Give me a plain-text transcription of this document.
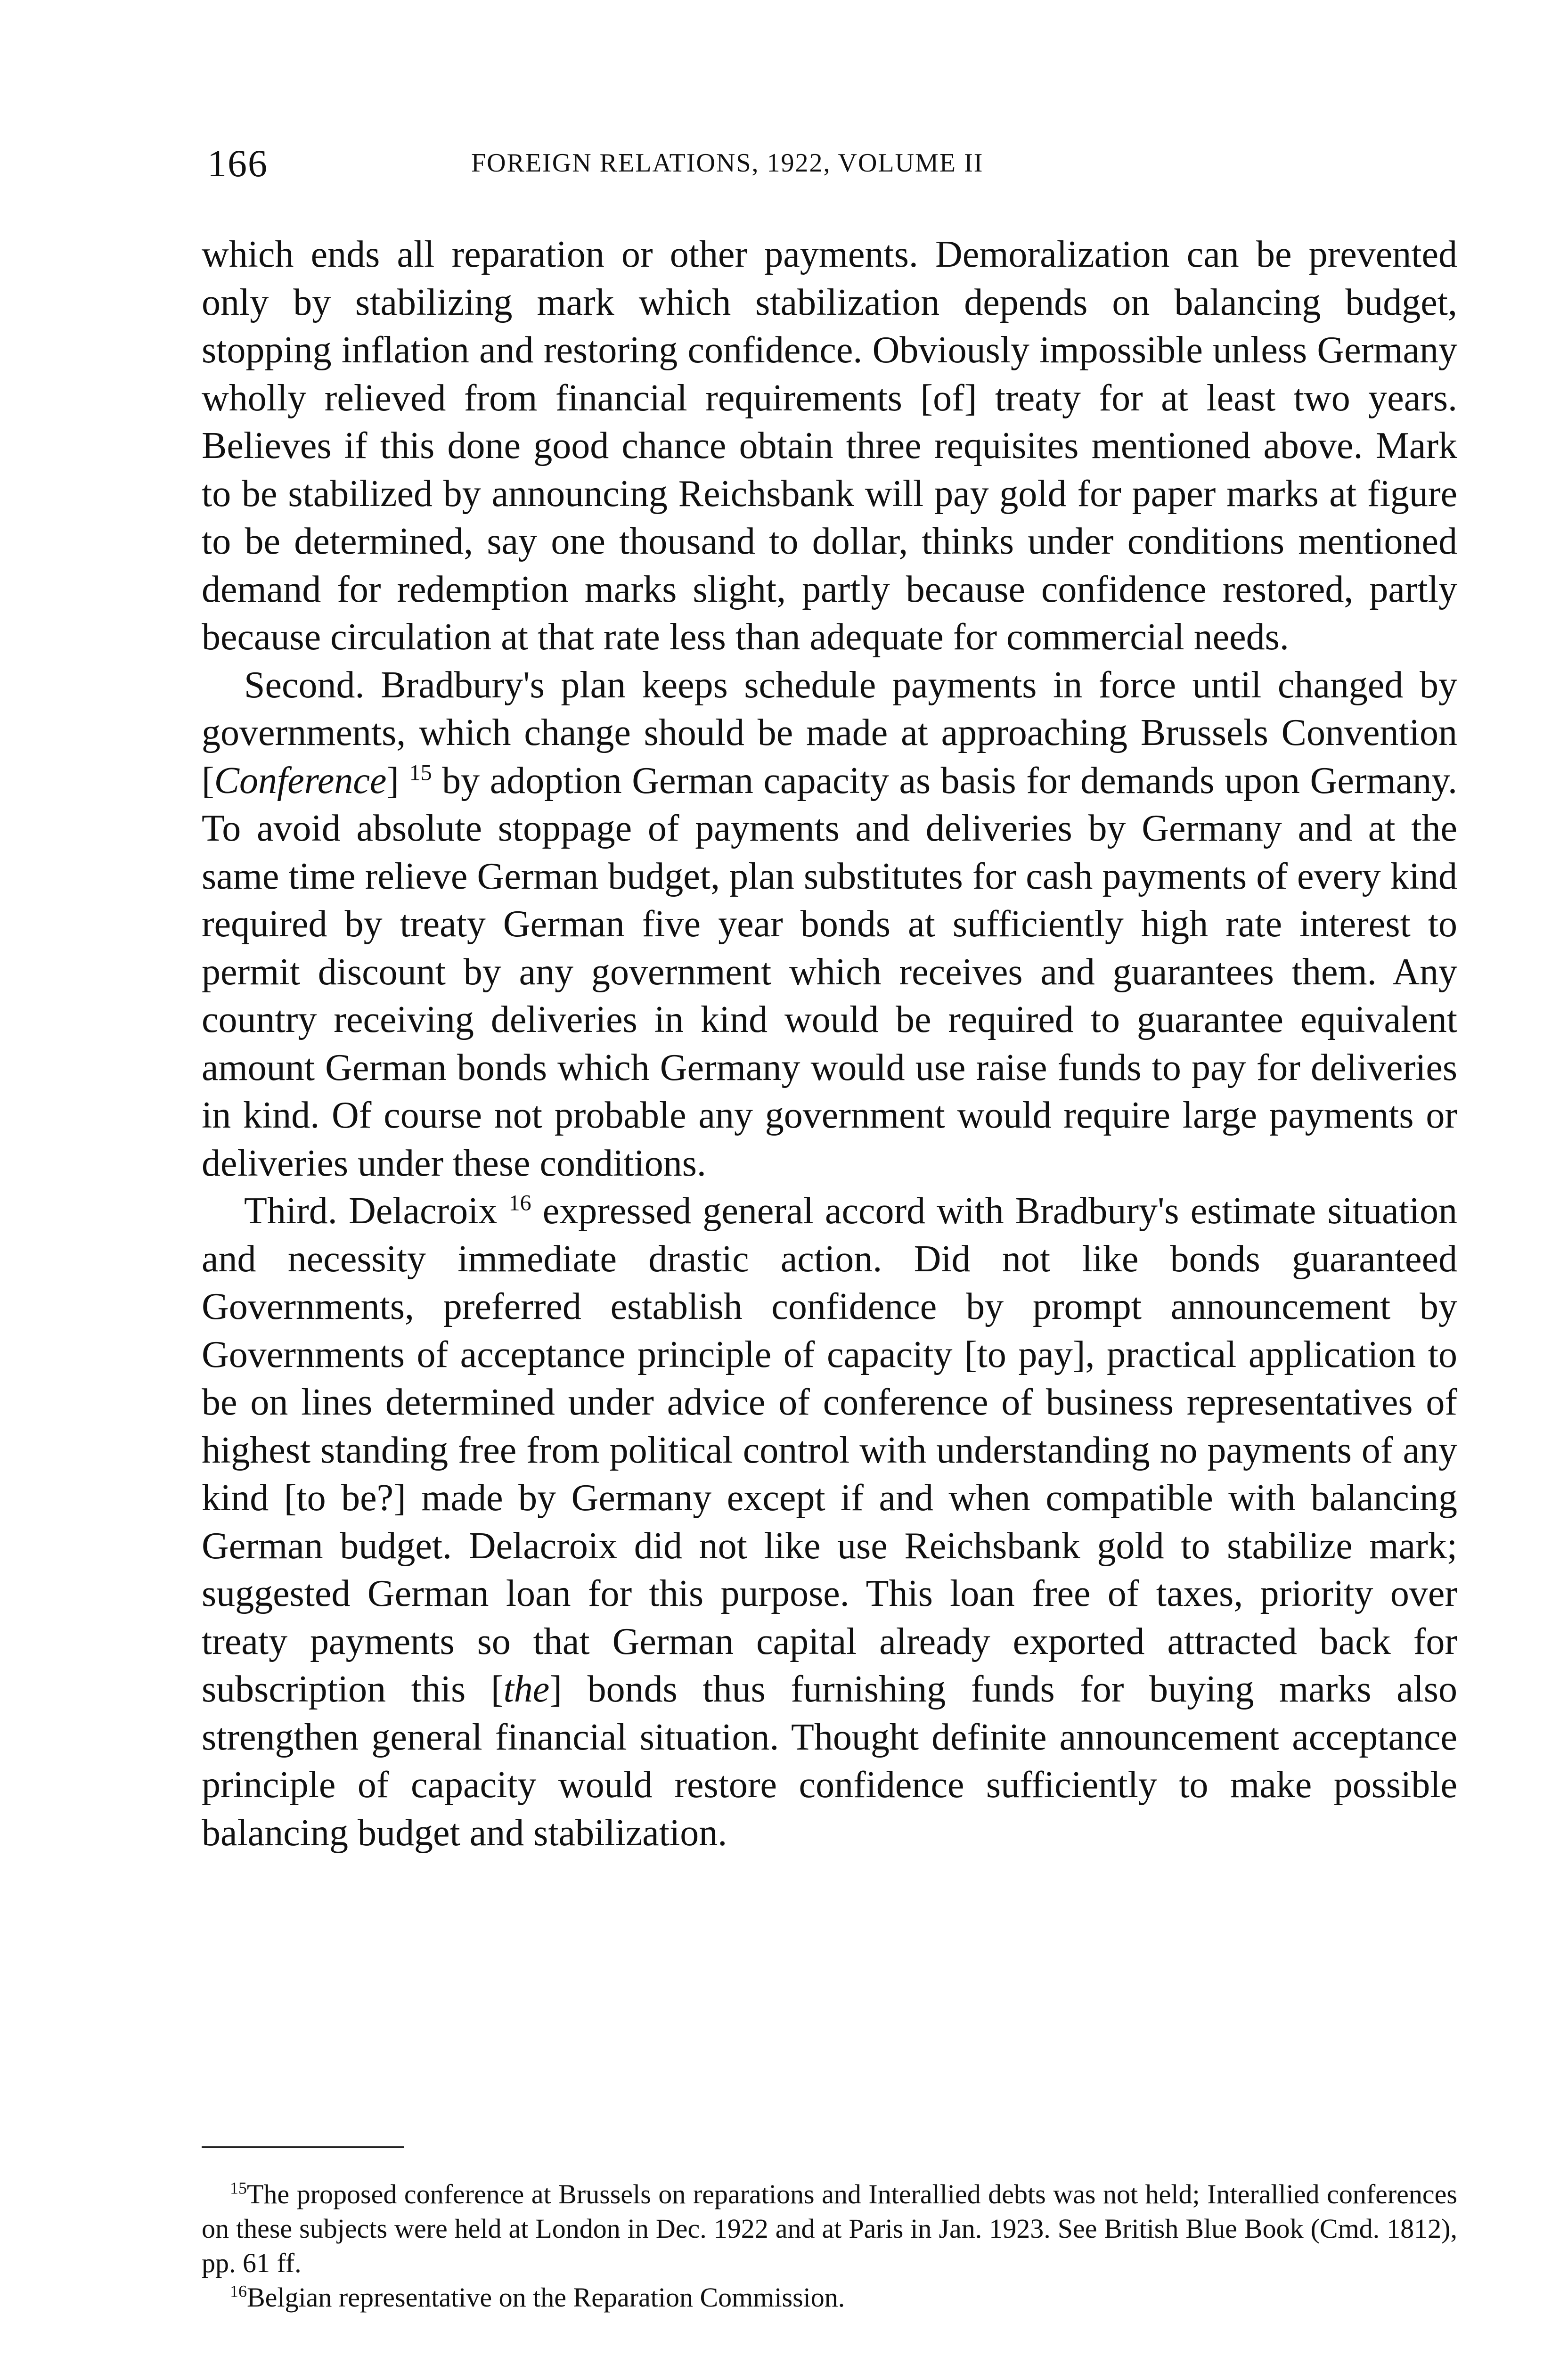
166	FOREIGN RELATIONS, 1922, VOLUME II

which ends all reparation or other payments. Demoralization can be prevented only by stabilizing mark which stabilization depends on balancing budget, stopping inflation and restoring confidence. Obviously impossible unless Germany wholly relieved from financial requirements [of] treaty for at least two years. Believes if this done good chance obtain three requisites mentioned above. Mark to be stabilized by announcing Reichsbank will pay gold for paper marks at figure to be determined, say one thousand to dollar, thinks under conditions mentioned demand for redemption marks slight, partly because confidence restored, partly because circulation at that rate less than adequate for commercial needs.

Second. Bradbury's plan keeps schedule payments in force until changed by governments, which change should be made at approaching Brussels Convention [Conference] $^{15}$ by adoption German capacity as basis for demands upon Germany. To avoid absolute stoppage of payments and deliveries by Germany and at the same time relieve German budget, plan substitutes for cash payments of every kind required by treaty German five year bonds at sufficiently high rate interest to permit discount by any government which receives and guarantees them. Any country receiving deliveries in kind would be required to guarantee equivalent amount German bonds which Germany would use raise funds to pay for deliveries in kind. Of course not probable any government would require large payments or deliveries under these conditions.

Third. Delacroix $^{16}$ expressed general accord with Bradbury's estimate situation and necessity immediate drastic action. Did not like bonds guaranteed Governments, preferred establish confidence by prompt announcement by Governments of acceptance principle of capacity [to pay], practical application to be on lines determined under advice of conference of business representatives of highest standing free from political control with understanding no payments of any kind [to be?] made by Germany except if and when compatible with balancing German budget. Delacroix did not like use Reichsbank gold to stabilize mark; suggested German loan for this purpose. This loan free of taxes, priority over treaty payments so that German capital already exported attracted back for subscription this [the] bonds thus furnishing funds for buying marks also strengthen general financial situation. Thought definite announcement acceptance principle of capacity would restore confidence sufficiently to make possible balancing budget and stabilization.

$^{15}$The proposed conference at Brussels on reparations and Interallied debts was not held; Interallied conferences on these subjects were held at London in Dec. 1922 and at Paris in Jan. 1923. See British Blue Book (Cmd. 1812), pp. 61 ff.

$^{16}$Belgian representative on the Reparation Commission.
